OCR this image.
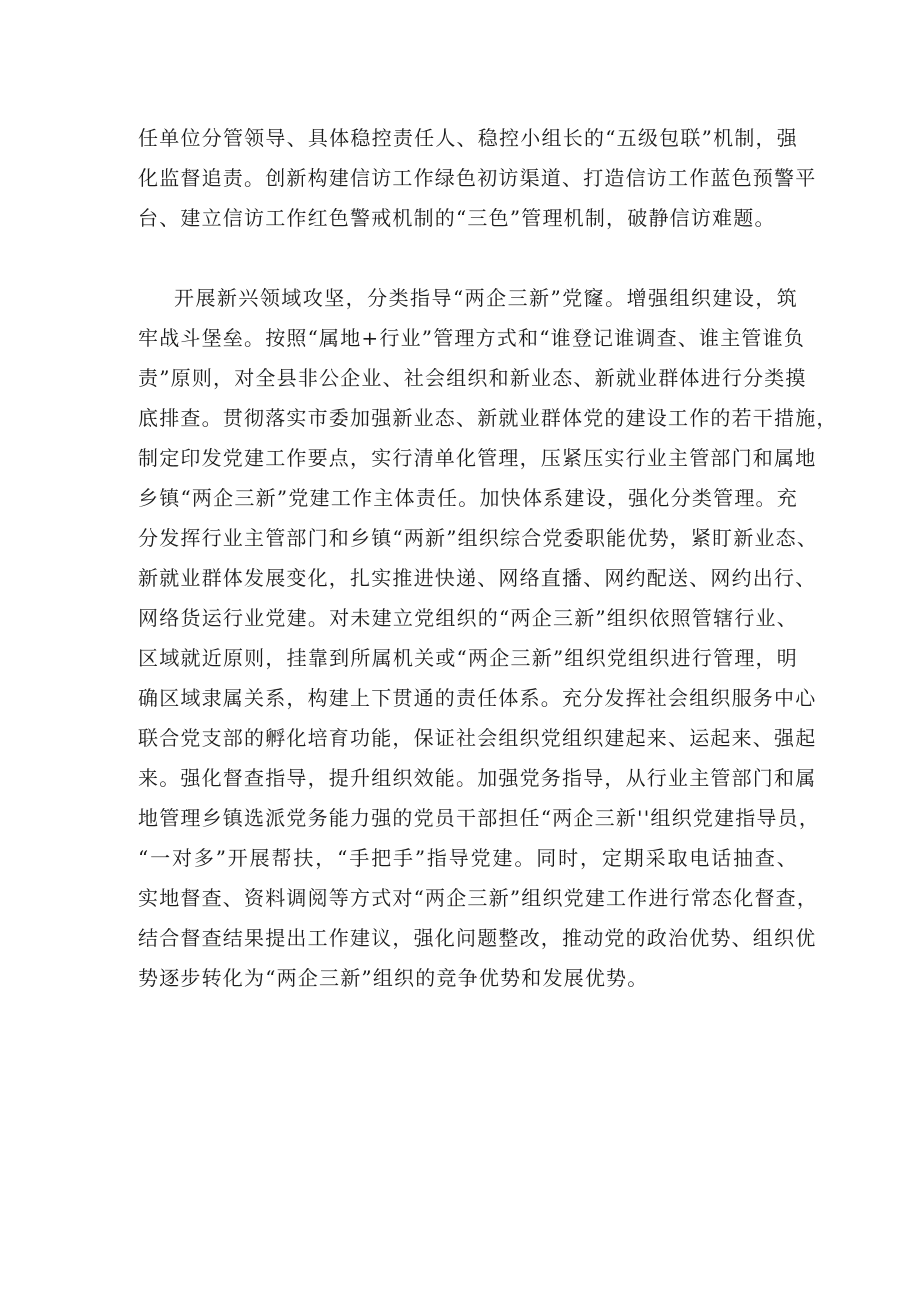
任单位分管领导、具体稳控责任人、稳控小组长的“五级包联”机制，强
化监督追责。创新构建信访工作绿色初访渠道、打造信访工作蓝色预警平
台、建立信访工作红色警戒机制的“三色”管理机制，破静信访难题。
开展新兴领域攻坚，分类指导“两企三新”党窿。增强组织建设，筑
牢战斗堡垒。按照“属地+行业”管理方式和“谁登记谁调查、谁主管谁负
责”原则，对全县非公企业、社会组织和新业态、新就业群体进行分类摸
底排查。贯彻落实市委加强新业态、新就业群体党的建设工作的若干措施，
制定印发党建工作要点，实行清单化管理，压紧压实行业主管部门和属地
乡镇“两企三新”党建工作主体责任。加快体系建设，强化分类管理。充
分发挥行业主管部门和乡镇“两新”组织综合党委职能优势，紧盯新业态、
新就业群体发展变化，扎实推进快递、网络直播、网约配送、网约出行、
网络货运行业党建。对未建立党组织的“两企三新”组织依照管辖行业、
区域就近原则，挂靠到所属机关或“两企三新”组织党组织进行管理，明
确区域隶属关系，构建上下贯通的责任体系。充分发挥社会组织服务中心
联合党支部的孵化培育功能，保证社会组织党组织建起来、运起来、强起
来。强化督查指导，提升组织效能。加强党务指导，从行业主管部门和属
地管理乡镇选派党务能力强的党员干部担任“两企三新''组织党建指导员，
“一对多”开展帮扶，“手把手”指导党建。同时，定期采取电话抽查、
实地督查、资料调阅等方式对“两企三新”组织党建工作进行常态化督查，
结合督查结果提出工作建议，强化问题整改，推动党的政治优势、组织优
势逐步转化为“两企三新”组织的竞争优势和发展优势。
